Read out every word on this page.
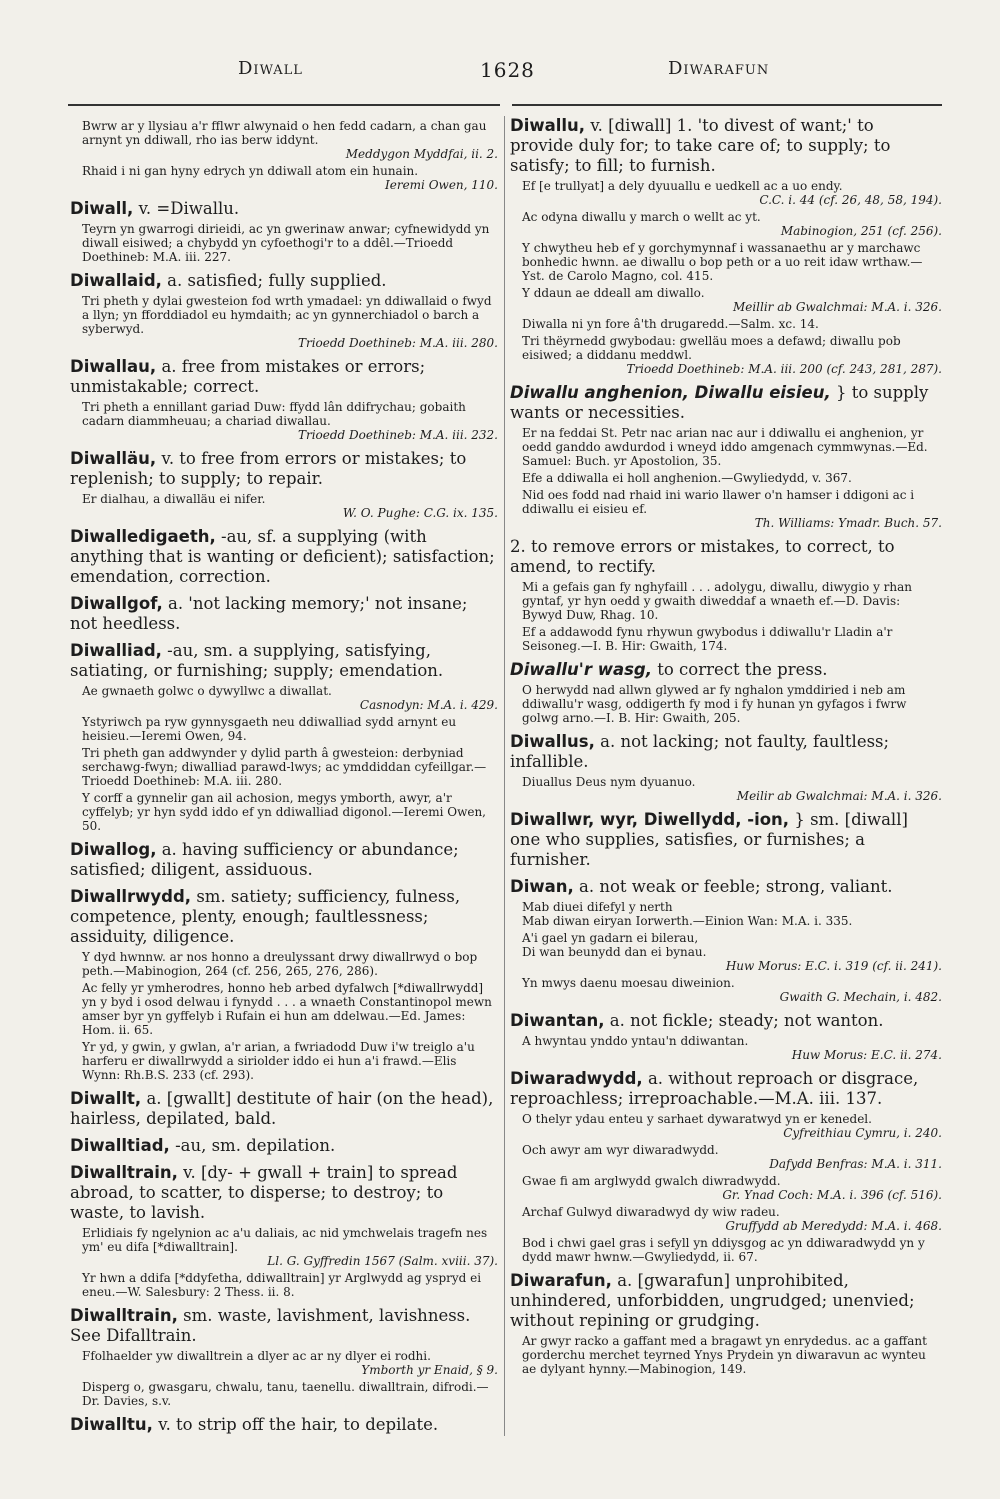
Diwall	1628	Diwarafun

Bwrw ar y llysiau a'r fflwr alwynaid o hen fedd cadarn, a chan gau arnynt yn ddiwall, rho ias berw iddynt.

Meddygon Myddfai, ii. 2.

Rhaid i ni gan hyny edrych yn ddiwall atom ein hunain.

Ieremi Owen, 110.

Diwall, v. =Diwallu.

Teyrn yn gwarrogi dirieidi, ac yn gwerinaw anwar; cyfnewidydd yn diwall eisiwed; a chybydd yn cyfoethogi'r to a ddêl.—Trioedd Doethineb: M.A. iii. 227.

Diwallaid, a. satisfied; fully supplied.

Tri pheth y dylai gwesteion fod wrth ymadael: yn ddiwallaid o fwyd a llyn; yn fforddiadol eu hymdaith; ac yn gynnerchiadol o barch a syberwyd.

Trioedd Doethineb: M.A. iii. 280.

Diwallau, a. free from mistakes or errors; unmistakable; correct.

Tri pheth a ennillant gariad Duw: ffydd lân ddifrychau; gobaith cadarn diammheuau; a chariad diwallau.

Trioedd Doethineb: M.A. iii. 232.

Diwalläu, v. to free from errors or mistakes; to replenish; to supply; to repair.

Er dialhau, a diwalläu ei nifer.

W. O. Pughe: C.G. ix. 135.

Diwalledigaeth, -au, sf. a supplying (with anything that is wanting or deficient); satisfaction; emendation, correction.

Diwallgof, a. 'not lacking memory;' not insane; not heedless.

Diwalliad, -au, sm. a supplying, satisfying, satiating, or furnishing; supply; emendation.

Ae gwnaeth golwc o dywyllwc a diwallat.

Casnodyn: M.A. i. 429.

Ystyriwch pa ryw gynnysgaeth neu ddiwalliad sydd arnynt eu heisieu.—Ieremi Owen, 94.

Tri pheth gan addwynder y dylid parth â gwesteion: derbyniad serchawg-fwyn; diwalliad parawd-lwys; ac ymddiddan cyfeillgar.—Trioedd Doethineb: M.A. iii. 280.

Y corff a gynnelir gan ail achosion, megys ymborth, awyr, a'r cyffelyb; yr hyn sydd iddo ef yn ddiwalliad digonol.—Ieremi Owen, 50.

Diwallog, a. having sufficiency or abundance; satisfied; diligent, assiduous.

Diwallrwydd, sm. satiety; sufficiency, fulness, competence, plenty, enough; faultlessness; assiduity, diligence.

Y dyd hwnnw. ar nos honno a dreulyssant drwy diwallrwyd o bop peth.—Mabinogion, 264 (cf. 256, 265, 276, 286).

Ac felly yr ymherodres, honno heb arbed dyfalwch [*diwallrwydd] yn y byd i osod delwau i fynydd . . . a wnaeth Constantinopol mewn amser byr yn gyffelyb i Rufain ei hun am ddelwau.—Ed. James: Hom. ii. 65.

Yr yd, y gwin, y gwlan, a'r arian, a fwriadodd Duw i'w treiglo a'u harferu er diwallrwydd a siriolder iddo ei hun a'i frawd.—Elis Wynn: Rh.B.S. 233 (cf. 293).

Diwallt, a. [gwallt] destitute of hair (on the head), hairless, depilated, bald.

Diwalltiad, -au, sm. depilation.

Diwalltrain, v. [dy- + gwall + train] to spread abroad, to scatter, to disperse; to destroy; to waste, to lavish.

Erlidiais fy ngelynion ac a'u daliais, ac nid ymchwelais tragefn nes ym' eu difa [*diwalltrain].

Ll. G. Gyffredin 1567 (Salm. xviii. 37).

Yr hwn a ddifa [*ddyfetha, ddiwalltrain] yr Arglwydd ag yspryd ei eneu.—W. Salesbury: 2 Thess. ii. 8.

Diwalltrain, sm. waste, lavishment, lavishness. See Difalltrain.

Ffolhaelder yw diwalltrein a dlyer ac ar ny dlyer ei rodhi.

Ymborth yr Enaid, § 9.

Disperg o, gwasgaru, chwalu, tanu, taenellu. diwalltrain, difrodi.—Dr. Davies, s.v.

Diwalltu, v. to strip off the hair, to depilate.

Diwallu, v. [diwall] 1. 'to divest of want;' to provide duly for; to take care of; to supply; to satisfy; to fill; to furnish.

Ef [e trullyat] a dely dyuuallu e uedkell ac a uo endy.

C.C. i. 44 (cf. 26, 48, 58, 194).

Ac odyna diwallu y march o wellt ac yt.

Mabinogion, 251 (cf. 256).

Y chwytheu heb ef y gorchymynnaf i wassanaethu ar y marchawc bonhedic hwnn. ae diwallu o bop peth or a uo reit idaw wrthaw.—Yst. de Carolo Magno, col. 415.

Y ddaun ae ddeall am diwallo.

Meillir ab Gwalchmai: M.A. i. 326.

Diwalla ni yn fore â'th drugaredd.—Salm. xc. 14.

Tri thëyrnedd gwybodau: gwelläu moes a defawd; diwallu pob eisiwed; a diddanu meddwl.

Trioedd Doethineb: M.A. iii. 200 (cf. 243, 281, 287).

Diwallu anghenion, Diwallu eisieu, } to supply wants or necessities.

Er na feddai St. Petr nac arian nac aur i ddiwallu ei anghenion, yr oedd ganddo awdurdod i wneyd iddo amgenach cymmwynas.—Ed. Samuel: Buch. yr Apostolion, 35.

Efe a ddiwalla ei holl anghenion.—Gwyliedydd, v. 367.

Nid oes fodd nad rhaid ini wario llawer o'n hamser i ddigoni ac i ddiwallu ei eisieu ef.

Th. Williams: Ymadr. Buch. 57.

2. to remove errors or mistakes, to correct, to amend, to rectify.

Mi a gefais gan fy nghyfaill . . . adolygu, diwallu, diwygio y rhan gyntaf, yr hyn oedd y gwaith diweddaf a wnaeth ef.—D. Davis: Bywyd Duw, Rhag. 10.

Ef a addawodd fynu rhywun gwybodus i ddiwallu'r Lladin a'r Seisoneg.—I. B. Hir: Gwaith, 174.

Diwallu'r wasg, to correct the press.

O herwydd nad allwn glywed ar fy nghalon ymddiried i neb am ddiwallu'r wasg, oddigerth fy mod i fy hunan yn gyfagos i fwrw golwg arno.—I. B. Hir: Gwaith, 205.

Diwallus, a. not lacking; not faulty, faultless; infallible.

Diuallus Deus nym dyuanuo.

Meilir ab Gwalchmai: M.A. i. 326.

Diwallwr, wyr, Diwellydd, -ion, } sm. [diwall] one who supplies, satisfies, or furnishes; a furnisher.

Diwan, a. not weak or feeble; strong, valiant.

Mab diuei difefyl y nerth
Mab diwan eiryan Iorwerth.—Einion Wan: M.A. i. 335.

A'i gael yn gadarn ei bilerau,
Di wan beunydd dan ei bynau.

Huw Morus: E.C. i. 319 (cf. ii. 241).

Yn mwys daenu moesau diweinion.

Gwaith G. Mechain, i. 482.

Diwantan, a. not fickle; steady; not wanton.

A hwyntau ynddo yntau'n ddiwantan.

Huw Morus: E.C. ii. 274.

Diwaradwydd, a. without reproach or disgrace, reproachless; irreproachable.—M.A. iii. 137.

O thelyr ydau enteu y sarhaet dywaratwyd yn er kenedel.

Cyfreithiau Cymru, i. 240.

Och awyr am wyr diwaradwydd.

Dafydd Benfras: M.A. i. 311.

Gwae fi am arglwydd gwalch diwradwydd.

Gr. Ynad Coch: M.A. i. 396 (cf. 516).

Archaf Gulwyd diwaradwyd dy wiw radeu.

Gruffydd ab Meredydd: M.A. i. 468.

Bod i chwi gael gras i sefyll yn ddiysgog ac yn ddiwaradwydd yn y dydd mawr hwnw.—Gwyliedydd, ii. 67.

Diwarafun, a. [gwarafun] unprohibited, unhindered, unforbidden, ungrudged; unenvied; without repining or grudging.

Ar gwyr racko a gaffant med a bragawt yn enrydedus. ac a gaffant gorderchu merchet teyrned Ynys Prydein yn diwaravun ac wynteu ae dylyant hynny.—Mabinogion, 149.
